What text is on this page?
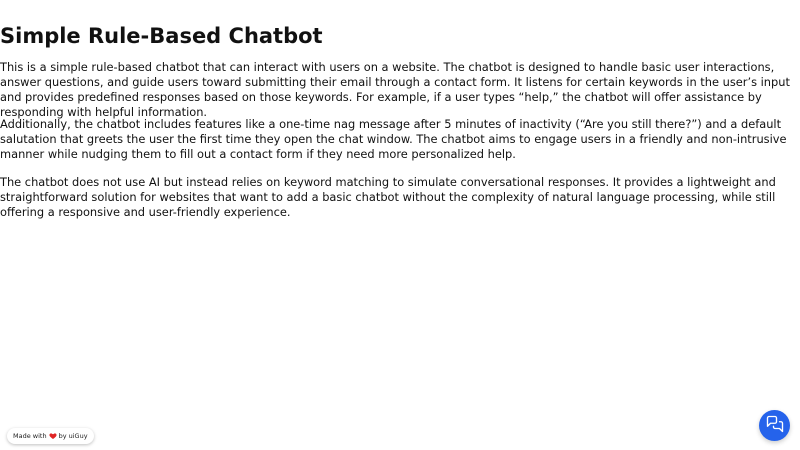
Simple Rule-Based Chatbot

This is a simple rule-based chatbot that can interact with users on a website. The chatbot is designed to handle basic user interactions, answer questions, and guide users toward submitting their email through a contact form. It listens for certain keywords in the user’s input and provides predefined responses based on those keywords. For example, if a user types “help,” the chatbot will offer assistance by responding with helpful information.

Additionally, the chatbot includes features like a one-time nag message after 5 minutes of inactivity (“Are you still there?”) and a default salutation that greets the user the first time they open the chat window. The chatbot aims to engage users in a friendly and non-intrusive manner while nudging them to fill out a contact form if they need more personalized help.

The chatbot does not use AI but instead relies on keyword matching to simulate conversational responses. It provides a lightweight and straightforward solution for websites that want to add a basic chatbot without the complexity of natural language processing, while still offering a responsive and user-friendly experience.

Made with by uiGuy
